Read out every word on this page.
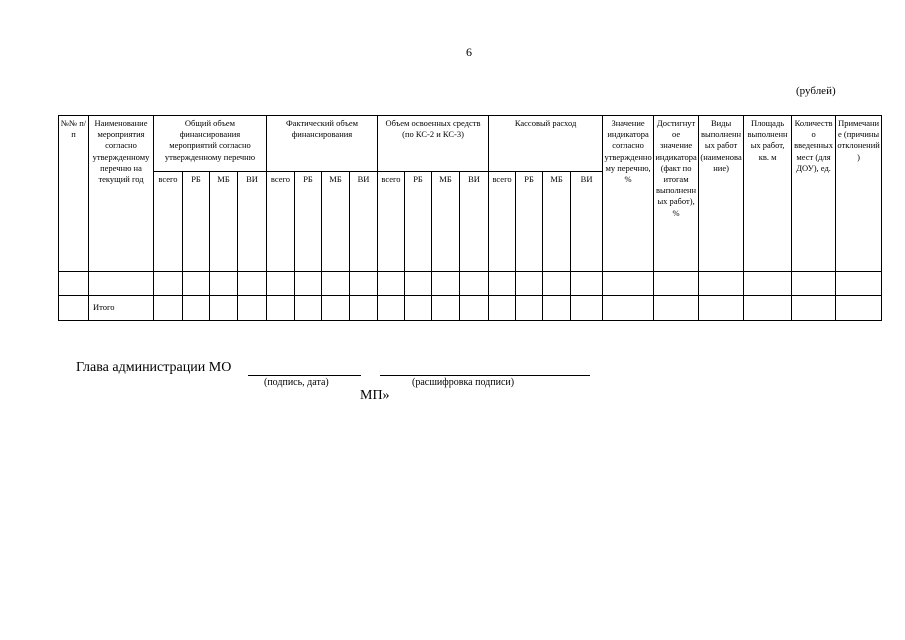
6
(рублей)
№№ п/п	Наименование мероприятия согласно утвержденному перечню на текущий год	Общий объем финансирования мероприятий согласно утвержденному перечню				Фактический объем финансирования				Объем освоенных средств (по КС-2 и КС-3)				Кассовый расход				Значение индикатора согласно утвержденному перечню, %	Достигнутое значение индикатора (факт по итогам выполненных работ), %	Виды выполненных работ (наименование)	Площадь выполненных работ, кв. м	Количество введенных мест (для ДОУ), ед.	Примечание (причины отклонений)
		всего	РБ	МБ	ВИ	всего	РБ	МБ	ВИ	всего	РБ	МБ	ВИ	всего	РБ	МБ	ВИ						

	Итого																						
Глава администрации МО
(подпись, дата)	(расшифровка подписи)
МП»
